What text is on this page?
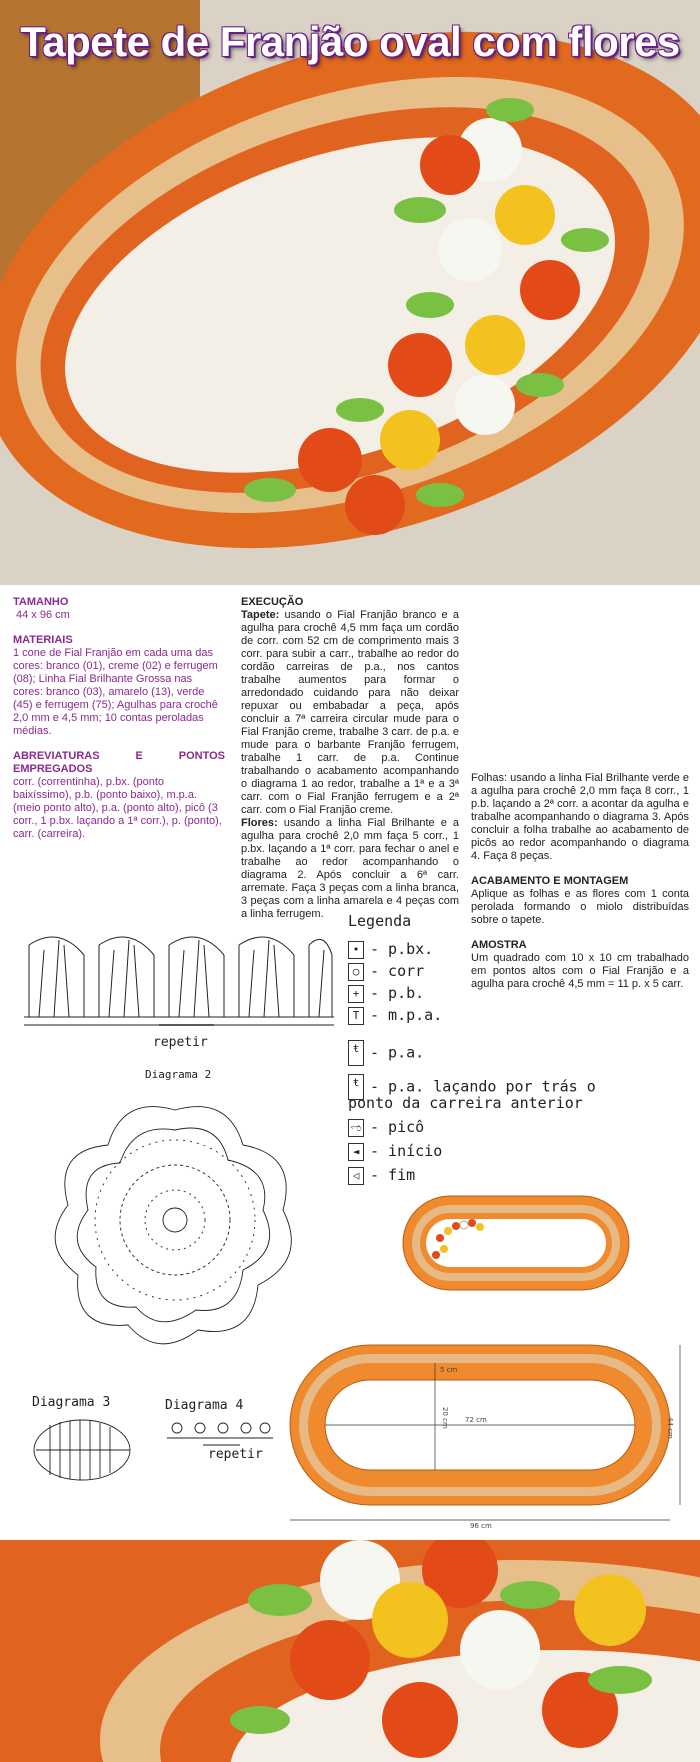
Tapete de Franjão oval com flores

TAMANHO

44 x 96 cm

MATERIAIS

1 cone de Fial Franjão em cada uma das cores: branco (01), creme (02) e ferrugem (08); Linha Fial Brilhante Grossa nas cores: branco (03), amarelo (13), verde (45) e ferrugem (75); Agulhas para crochê 2,0 mm e 4,5 mm; 10 contas peroladas médias.

ABREVIATURAS E PONTOS EMPREGADOS

corr. (correntinha), p.bx. (ponto baixíssimo), p.b. (ponto baixo), m.p.a. (meio ponto alto), p.a. (ponto alto), picô (3 corr., 1 p.bx. laçando a 1ª corr.), p. (ponto), carr. (carreira).

EXECUÇÃO

Tapete: usando o Fial Franjão branco e a agulha para crochê 4,5 mm faça um cordão de corr. com 52 cm de comprimento mais 3 corr. para subir a carr., trabalhe ao redor do cordão carreiras de p.a., nos cantos trabalhe aumentos para formar o arredondado cuidando para não deixar repuxar ou embabadar a peça, após concluir a 7ª carreira circular mude para o Fial Franjão creme, trabalhe 3 carr. de p.a. e mude para o barbante Franjão ferrugem, trabalhe 1 carr. de p.a. Continue trabalhando o acabamento acompanhando o diagrama 1 ao redor, trabalhe a 1ª e a 3ª carr. com o Fial Franjão ferrugem e a 2ª carr. com o Fial Franjão creme.

Flores: usando a linha Fial Brilhante e a agulha para crochê 2,0 mm faça 5 corr., 1 p.bx. laçando a 1ª corr. para fechar o anel e trabalhe ao redor acompanhando o diagrama 2. Após concluir a 6ª carr. arremate. Faça 3 peças com a linha branca, 3 peças com a linha amarela e 4 peças com a linha ferrugem.

Folhas: usando a linha Fial Brilhante verde e a agulha para crochê 2,0 mm faça 8 corr., 1 p.b. laçando a 2ª corr. a acontar da agulha e trabalhe acompanhando o diagrama 3. Após concluir a folha trabalhe ao acabamento de picôs ao redor acompanhando o diagrama 4. Faça 8 peças.

ACABAMENTO E MONTAGEM

Aplique as folhas e as flores com 1 conta perolada formando o miolo distribuídas sobre o tapete.

AMOSTRA

Um quadrado com 10 x 10 cm trabalhado em pontos altos com o Fial Franjão e a agulha para crochê 4,5 mm = 11 p. x 5 carr.

repetir
Diagrama 2
Diagrama 3	Diagrama 4
repetir
Legenda
• - p.bx.
○ - corr
+ - p.b.
T - m.p.a.
ŧ - p.a.
ŧ - p.a. laçando por trás o
ponto da carreira anterior
ಌ - picô
◄ - início
◁ - fim
5 cm
20 cm 72 cm	44 cm
96 cm
